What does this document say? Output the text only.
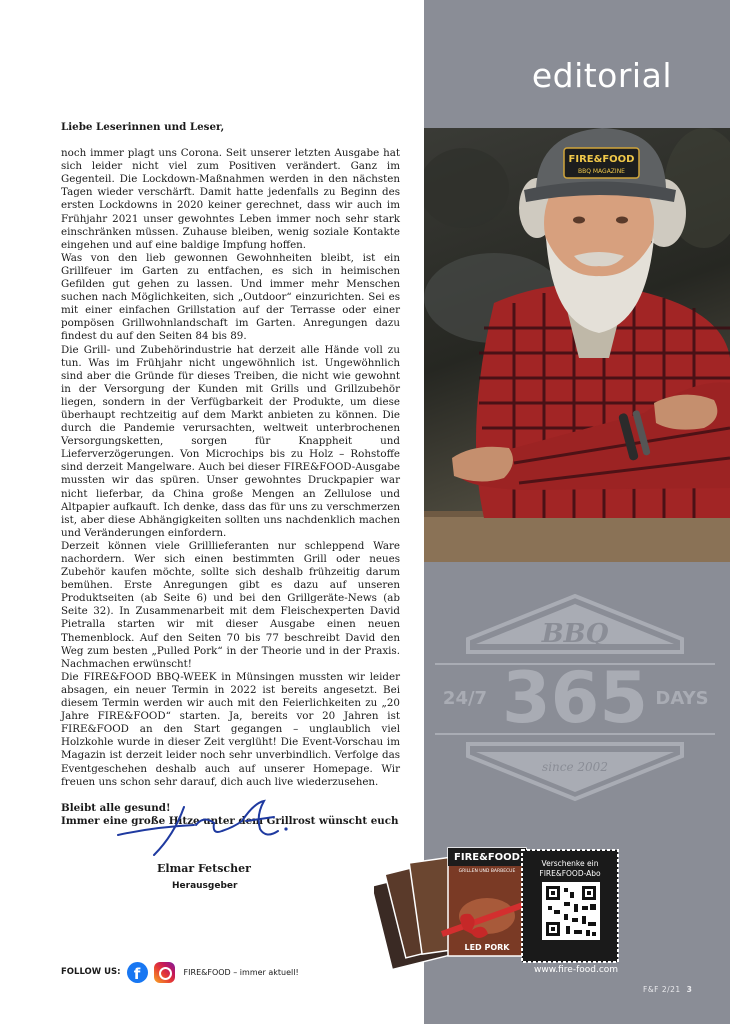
editorial
FIRE&FOOD
BBQ MAGAZINE

Liebe Leserinnen und Leser,

noch immer plagt uns Corona. Seit unserer letzten Ausgabe hat sich leider nicht viel zum Positiven verändert. Ganz im Gegenteil. Die Lockdown-Maßnahmen werden in den nächsten Tagen wieder verschärft. Damit hatte jedenfalls zu Beginn des ersten Lockdowns in 2020 keiner gerechnet, dass wir auch im Frühjahr 2021 unser gewohntes Leben immer noch sehr stark einschränken müssen. Zuhause bleiben, wenig soziale Kontakte eingehen und auf eine baldige Impfung hoffen.

Was von den lieb gewonnen Gewohnheiten bleibt, ist ein Grillfeuer im Garten zu entfachen, es sich in heimischen Gefilden gut gehen zu lassen. Und immer mehr Menschen suchen nach Möglichkeiten, sich „Outdoor“ einzurichten. Sei es mit einer einfachen Grillstation auf der Terrasse oder einer pompösen Grillwohnlandschaft im Garten. Anregungen dazu findest du auf den Seiten 84 bis 89.

Die Grill- und Zubehörindustrie hat derzeit alle Hände voll zu tun. Was im Frühjahr nicht ungewöhnlich ist. Ungewöhnlich sind aber die Gründe für dieses Treiben, die nicht wie gewohnt in der Versorgung der Kunden mit Grills und Grillzubehör liegen, sondern in der Verfügbarkeit der Produkte, um diese überhaupt rechtzeitig auf dem Markt anbieten zu können. Die durch die Pandemie verursachten, weltweit unterbrochenen Versorgungsketten, sorgen für Knappheit und Lieferverzögerungen. Von Microchips bis zu Holz – Rohstoffe sind derzeit Mangelware. Auch bei dieser FIRE&FOOD-Ausgabe mussten wir das spüren. Unser gewohntes Druckpapier war nicht lieferbar, da China große Mengen an Zellulose und Altpapier aufkauft. Ich denke, dass das für uns zu verschmerzen ist, aber diese Abhängigkeiten sollten uns nachdenklich machen und Veränderungen einfordern.

Derzeit können viele Grilllieferanten nur schleppend Ware nachordern. Wer sich einen bestimmten Grill oder neues Zubehör kaufen möchte, sollte sich deshalb frühzeitig darum bemühen. Erste Anregungen gibt es dazu auf unseren Produktseiten (ab Seite 6) und bei den Grillgeräte-News (ab Seite 32). In Zusammenarbeit mit dem Fleischexperten David Pietralla starten wir mit dieser Ausgabe einen neuen Themenblock. Auf den Seiten 70 bis 77 beschreibt David den Weg zum besten „Pulled Pork“ in der Theorie und in der Praxis. Nachmachen erwünscht!

Die FIRE&FOOD BBQ-WEEK in Münsingen mussten wir leider absagen, ein neuer Termin in 2022 ist bereits angesetzt. Bei diesem Termin werden wir auch mit den Feierlichkeiten zu „20 Jahre FIRE&FOOD“ starten. Ja, bereits vor 20 Jahren ist FIRE&FOOD an den Start gegangen – unglaublich viel Holzkohle wurde in dieser Zeit verglüht! Die Event-Vorschau im Magazin ist derzeit leider noch sehr unverbindlich. Verfolge das Eventgeschehen deshalb auch auf unserer Homepage. Wir freuen uns schon sehr darauf, dich auch live wiederzusehen.

Bleibt alle gesund!

Immer eine große Hitze unter dem Grillrost wünscht euch

Elmar Fetscher
Herausgeber
FOLLOW US: f	FIRE&FOOD – immer aktuell!
BBQ
24/7 365 DAYS
since 2002
FIRE&FOOD
GRILLEN UND BARBECUE
LED PORK
Verschenke ein
FIRE&FOOD-Abo
www.fire-food.com
F&F 2/21 3
